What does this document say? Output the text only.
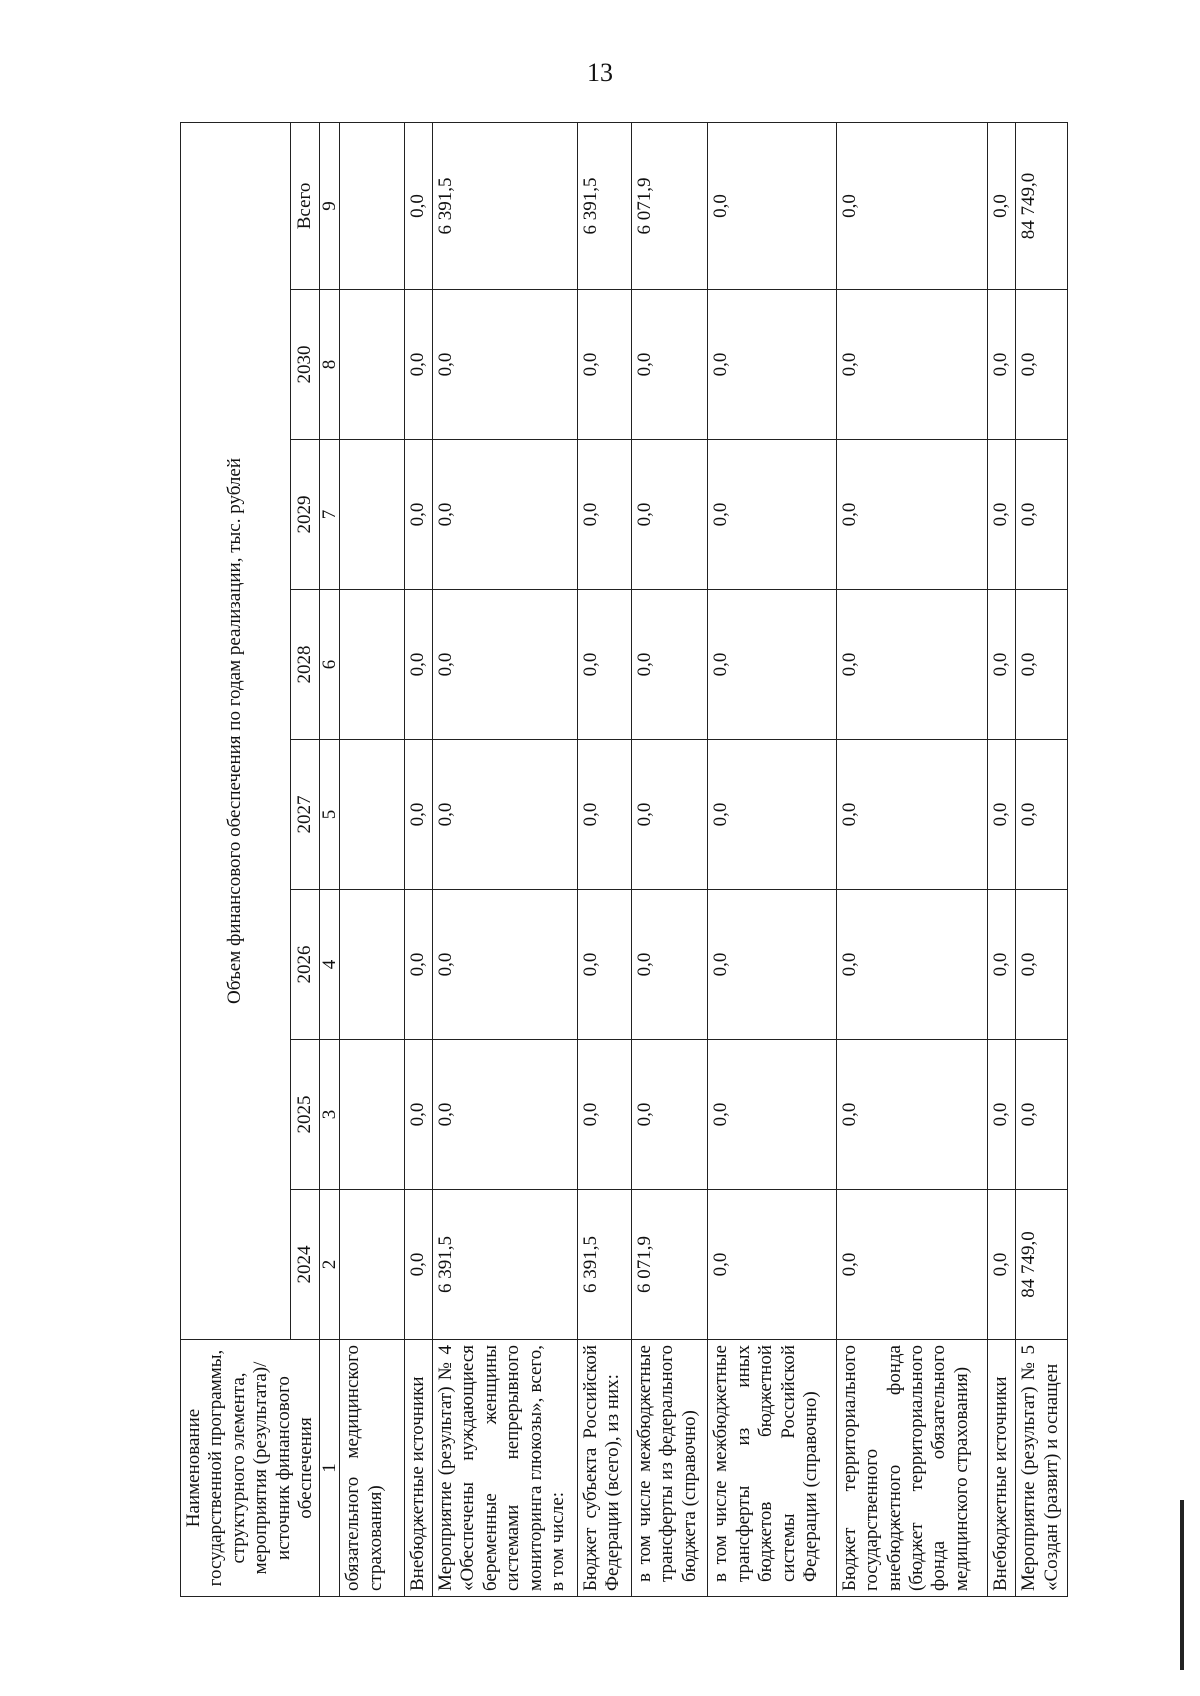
13
Наименование государственной программы, структурного элемента, мероприятия (результата)/источник финансового обеспечения	Объем финансового обеспечения по годам реализации, тыс. рублей							
	2024	2025	2026	2027	2028	2029	2030	Всего
1	2	3	4	5	6	7	8	9
обязательного медицинского страхования)								
Внебюджетные источники	0,0	0,0	0,0	0,0	0,0	0,0	0,0	0,0
Мероприятие (результат) № 4 «Обеспечены нуждающиеся беременные женщины системами непрерывного мониторинга глюкозы», всего, в том числе:	6 391,5	0,0	0,0	0,0	0,0	0,0	0,0	6 391,5
Бюджет субъекта Российской Федерации (всего), из них:	6 391,5	0,0	0,0	0,0	0,0	0,0	0,0	6 391,5
в том числе межбюджетные трансферты из федерального бюджета (справочно)	6 071,9	0,0	0,0	0,0	0,0	0,0	0,0	6 071,9
в том числе межбюджетные трансферты из иных бюджетов бюджетной системы Российской Федерации (справочно)	0,0	0,0	0,0	0,0	0,0	0,0	0,0	0,0
Бюджет территориального государственного внебюджетного фонда (бюджет территориального фонда обязательного медицинского страхования)	0,0	0,0	0,0	0,0	0,0	0,0	0,0	0,0
Внебюджетные источники	0,0	0,0	0,0	0,0	0,0	0,0	0,0	0,0
Мероприятие (результат) № 5 «Создан (развит) и оснащен	84 749,0	0,0	0,0	0,0	0,0	0,0	0,0	84 749,0
